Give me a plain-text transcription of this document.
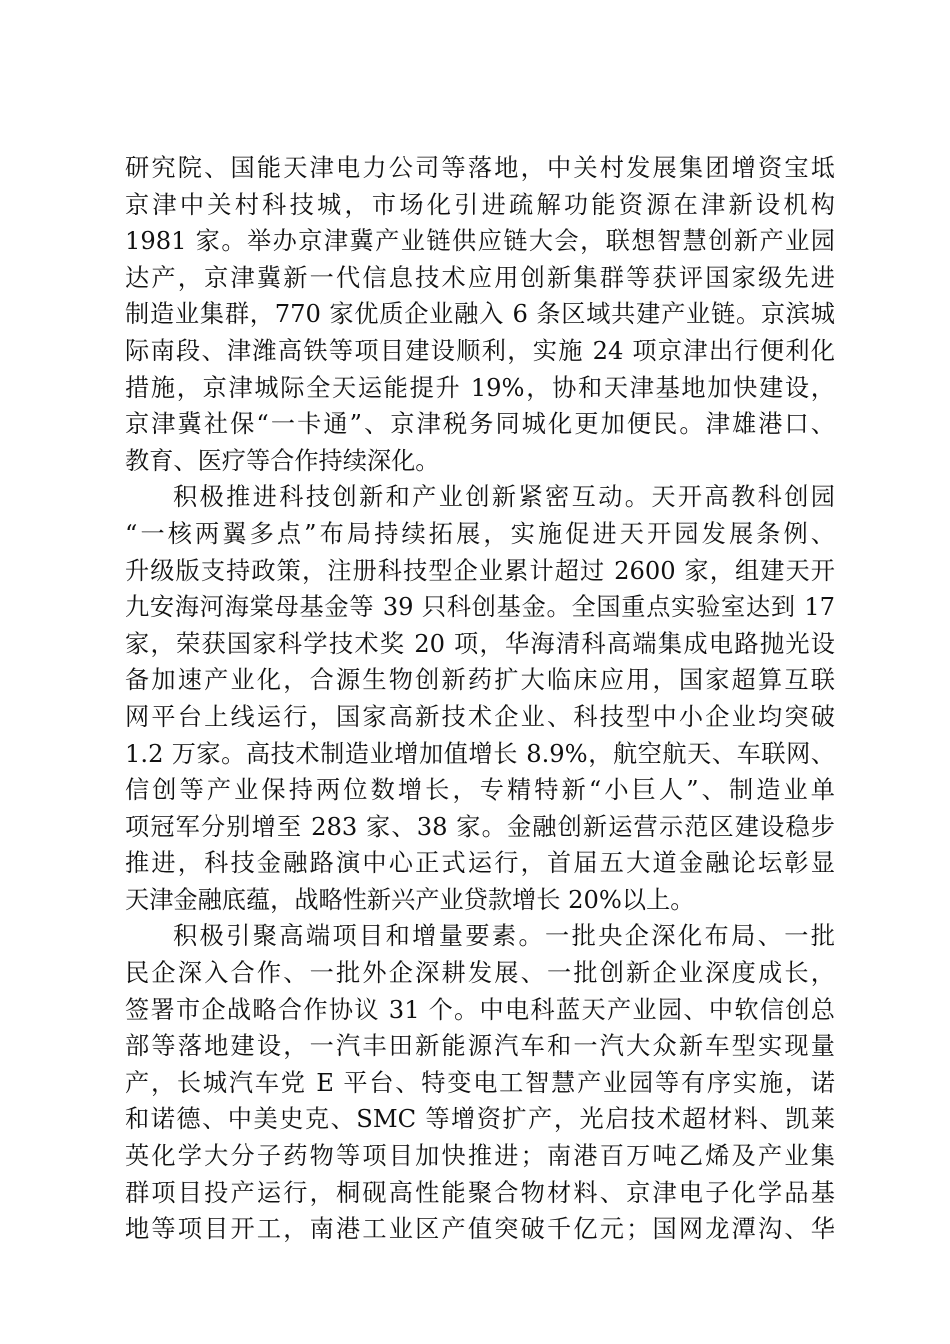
研究院、国能天津电力公司等落地，中关村发展集团增资宝坻
京津中关村科技城，市场化引进疏解功能资源在津新设机构
1981 家。举办京津冀产业链供应链大会，联想智慧创新产业园
达产，京津冀新一代信息技术应用创新集群等获评国家级先进
制造业集群，770 家优质企业融入 6 条区域共建产业链。京滨城
际南段、津潍高铁等项目建设顺利，实施 24 项京津出行便利化
措施，京津城际全天运能提升 19%，协和天津基地加快建设，
京津冀社保“一卡通”、京津税务同城化更加便民。津雄港口、
教育、医疗等合作持续深化。
积极推进科技创新和产业创新紧密互动。天开高教科创园
“一核两翼多点”布局持续拓展，实施促进天开园发展条例、
升级版支持政策，注册科技型企业累计超过 2600 家，组建天开
九安海河海棠母基金等 39 只科创基金。全国重点实验室达到 17
家，荣获国家科学技术奖 20 项，华海清科高端集成电路抛光设
备加速产业化，合源生物创新药扩大临床应用，国家超算互联
网平台上线运行，国家高新技术企业、科技型中小企业均突破
1.2 万家。高技术制造业增加值增长 8.9%，航空航天、车联网、
信创等产业保持两位数增长，专精特新“小巨人”、制造业单
项冠军分别增至 283 家、38 家。金融创新运营示范区建设稳步
推进，科技金融路演中心正式运行，首届五大道金融论坛彰显
天津金融底蕴，战略性新兴产业贷款增长 20%以上。
积极引聚高端项目和增量要素。一批央企深化布局、一批
民企深入合作、一批外企深耕发展、一批创新企业深度成长，
签署市企战略合作协议 31 个。中电科蓝天产业园、中软信创总
部等落地建设，一汽丰田新能源汽车和一汽大众新车型实现量
产，长城汽车党 E 平台、特变电工智慧产业园等有序实施，诺
和诺德、中美史克、SMC 等增资扩产，光启技术超材料、凯莱
英化学大分子药物等项目加快推进；南港百万吨乙烯及产业集
群项目投产运行，桐砚高性能聚合物材料、京津电子化学品基
地等项目开工，南港工业区产值突破千亿元；国网龙潭沟、华
